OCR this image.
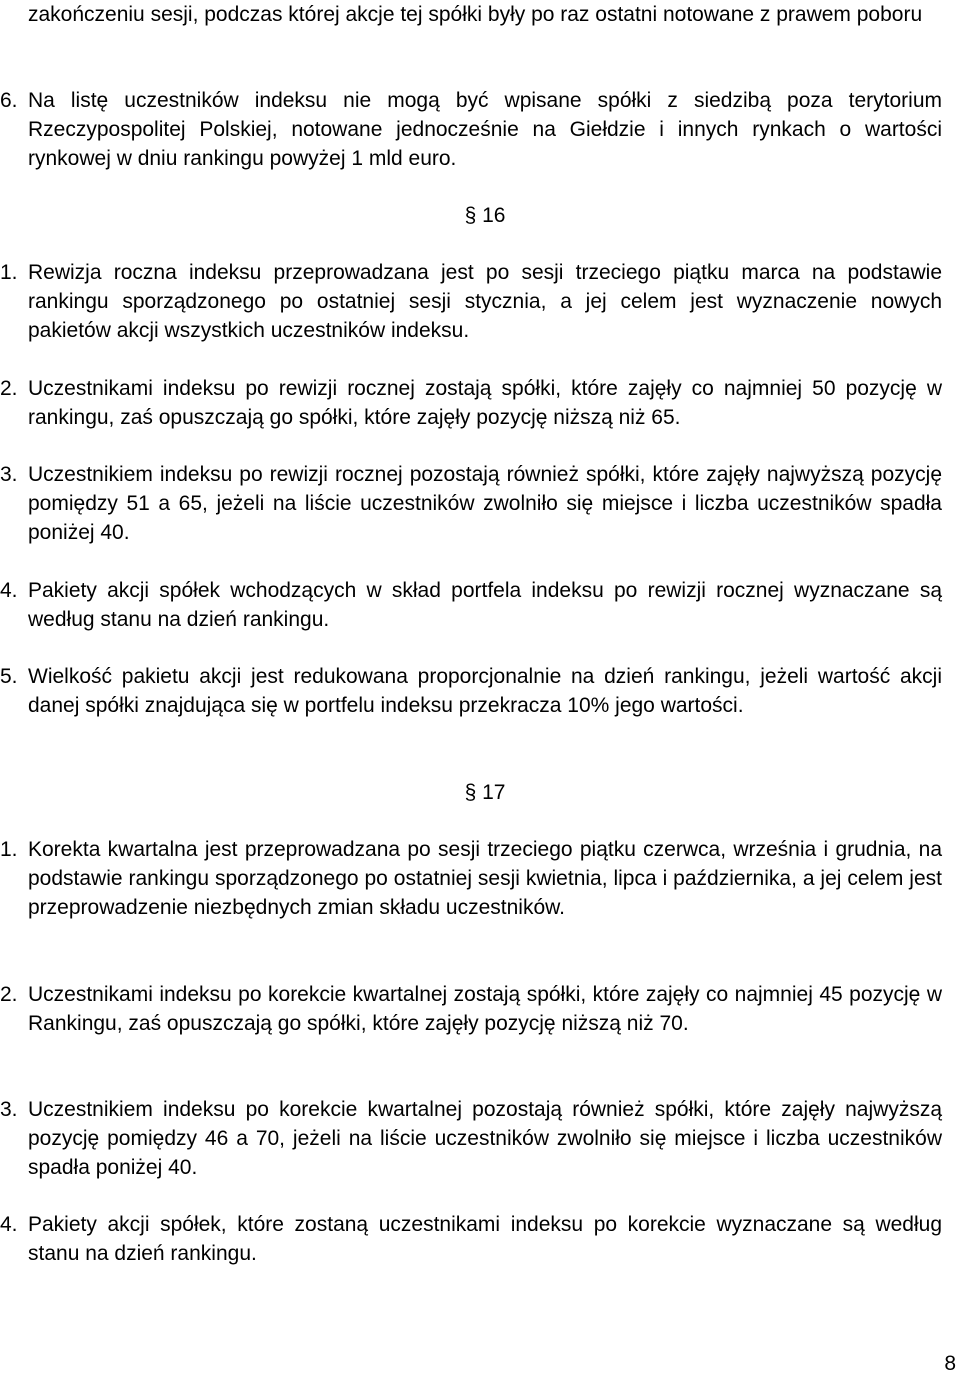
zakończeniu sesji, podczas której akcje tej spółki były po raz ostatni notowane z prawem poboru

6. Na listę uczestników indeksu nie mogą być wpisane spółki z siedzibą poza terytorium Rzeczypospolitej Polskiej, notowane jednocześnie na Giełdzie i innych rynkach o wartości rynkowej w dniu rankingu powyżej 1 mld euro.
§ 16
1. Rewizja roczna indeksu przeprowadzana jest po sesji trzeciego piątku marca na podstawie rankingu sporządzonego po ostatniej sesji stycznia, a jej celem jest wyznaczenie nowych pakietów akcji wszystkich uczestników indeksu.
2. Uczestnikami indeksu po rewizji rocznej zostają spółki, które zajęły co najmniej 50 pozycję w rankingu, zaś opuszczają go spółki, które zajęły pozycję niższą niż 65.
3. Uczestnikiem indeksu po rewizji rocznej pozostają również spółki, które zajęły najwyższą pozycję pomiędzy 51 a 65, jeżeli na liście uczestników zwolniło się miejsce i liczba uczestników spadła poniżej 40.
4. Pakiety akcji spółek wchodzących w skład portfela indeksu po rewizji rocznej wyznaczane są według stanu na dzień rankingu.
5. Wielkość pakietu akcji jest redukowana proporcjonalnie na dzień rankingu, jeżeli wartość akcji danej spółki znajdująca się w portfelu indeksu przekracza 10% jego wartości.
§ 17
1. Korekta kwartalna jest przeprowadzana po sesji trzeciego piątku czerwca, września i grudnia, na podstawie rankingu sporządzonego po ostatniej sesji kwietnia, lipca i października, a jej celem jest przeprowadzenie niezbędnych zmian składu uczestników.
2. Uczestnikami indeksu po korekcie kwartalnej zostają spółki, które zajęły co najmniej 45 pozycję w Rankingu, zaś opuszczają go spółki, które zajęły pozycję niższą niż 70.
3. Uczestnikiem indeksu po korekcie kwartalnej pozostają również spółki, które zajęły najwyższą pozycję pomiędzy 46 a 70, jeżeli na liście uczestników zwolniło się miejsce i liczba uczestników spadła poniżej 40.
4. Pakiety akcji spółek, które zostaną uczestnikami indeksu po korekcie wyznaczane są według stanu na dzień rankingu.
8
